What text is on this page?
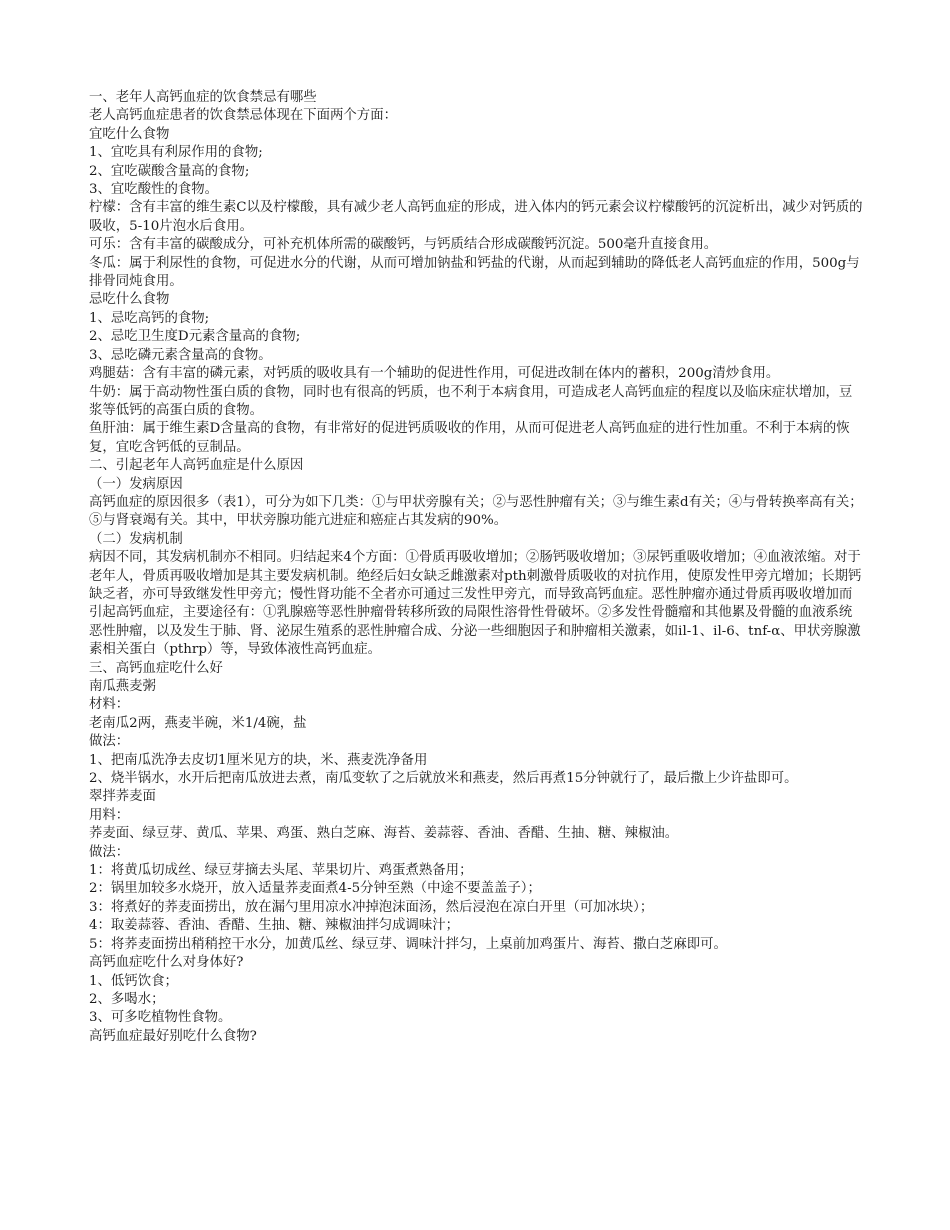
一、老年人高钙血症的饮食禁忌有哪些

老人高钙血症患者的饮食禁忌体现在下面两个方面：

宜吃什么食物

1、宜吃具有利尿作用的食物;

2、宜吃碳酸含量高的食物;

3、宜吃酸性的食物。

柠檬：含有丰富的维生素C以及柠檬酸，具有减少老人高钙血症的形成，进入体内的钙元素会议柠檬酸钙的沉淀析出，减少对钙质的吸收，5-10片泡水后食用。

可乐：含有丰富的碳酸成分，可补充机体所需的碳酸钙，与钙质结合形成碳酸钙沉淀。500毫升直接食用。

冬瓜：属于利尿性的食物，可促进水分的代谢，从而可增加钠盐和钙盐的代谢，从而起到辅助的降低老人高钙血症的作用，500g与排骨同炖食用。

忌吃什么食物

1、忌吃高钙的食物;

2、忌吃卫生度D元素含量高的食物;

3、忌吃磷元素含量高的食物。

鸡腿菇：含有丰富的磷元素，对钙质的吸收具有一个辅助的促进性作用，可促进改制在体内的蓄积，200g清炒食用。

牛奶：属于高动物性蛋白质的食物，同时也有很高的钙质，也不利于本病食用，可造成老人高钙血症的程度以及临床症状增加，豆浆等低钙的高蛋白质的食物。

鱼肝油：属于维生素D含量高的食物，有非常好的促进钙质吸收的作用，从而可促进老人高钙血症的进行性加重。不利于本病的恢复，宜吃含钙低的豆制品。

二、引起老年人高钙血症是什么原因

（一）发病原因

高钙血症的原因很多（表1），可分为如下几类：①与甲状旁腺有关；②与恶性肿瘤有关；③与维生素d有关；④与骨转换率高有关；⑤与肾衰竭有关。其中，甲状旁腺功能亢进症和癌症占其发病的90%。

（二）发病机制

病因不同，其发病机制亦不相同。归结起来4个方面：①骨质再吸收增加；②肠钙吸收增加；③尿钙重吸收增加；④血液浓缩。对于老年人，骨质再吸收增加是其主要发病机制。绝经后妇女缺乏雌激素对pth刺激骨质吸收的对抗作用，使原发性甲旁亢增加；长期钙缺乏者，亦可导致继发性甲旁亢；慢性肾功能不全者亦可通过三发性甲旁亢，而导致高钙血症。恶性肿瘤亦通过骨质再吸收增加而引起高钙血症，主要途径有：①乳腺癌等恶性肿瘤骨转移所致的局限性溶骨性骨破坏。②多发性骨髓瘤和其他累及骨髓的血液系统恶性肿瘤，以及发生于肺、肾、泌尿生殖系的恶性肿瘤合成、分泌一些细胞因子和肿瘤相关激素，如il-1、il-6、tnf-α、甲状旁腺激素相关蛋白（pthrp）等，导致体液性高钙血症。

三、高钙血症吃什么好

南瓜燕麦粥

材料：

老南瓜2两，燕麦半碗，米1/4碗，盐

做法：

1、把南瓜洗净去皮切1厘米见方的块，米、燕麦洗净备用

2、烧半锅水，水开后把南瓜放进去煮，南瓜变软了之后就放米和燕麦，然后再煮15分钟就行了，最后撒上少许盐即可。

翠拌荞麦面

用料：

荞麦面、绿豆芽、黄瓜、苹果、鸡蛋、熟白芝麻、海苔、姜蒜蓉、香油、香醋、生抽、糖、辣椒油。

做法：

1：将黄瓜切成丝、绿豆芽摘去头尾、苹果切片、鸡蛋煮熟备用；

2：锅里加较多水烧开，放入适量荞麦面煮4-5分钟至熟（中途不要盖盖子）；

3：将煮好的荞麦面捞出，放在漏勺里用凉水冲掉泡沫面汤，然后浸泡在凉白开里（可加冰块）；

4：取姜蒜蓉、香油、香醋、生抽、糖、辣椒油拌匀成调味汁；

5：将荞麦面捞出稍稍控干水分，加黄瓜丝、绿豆芽、调味汁拌匀，上桌前加鸡蛋片、海苔、撒白芝麻即可。

高钙血症吃什么对身体好?

1、低钙饮食；

2、多喝水；

3、可多吃植物性食物。

高钙血症最好别吃什么食物?
